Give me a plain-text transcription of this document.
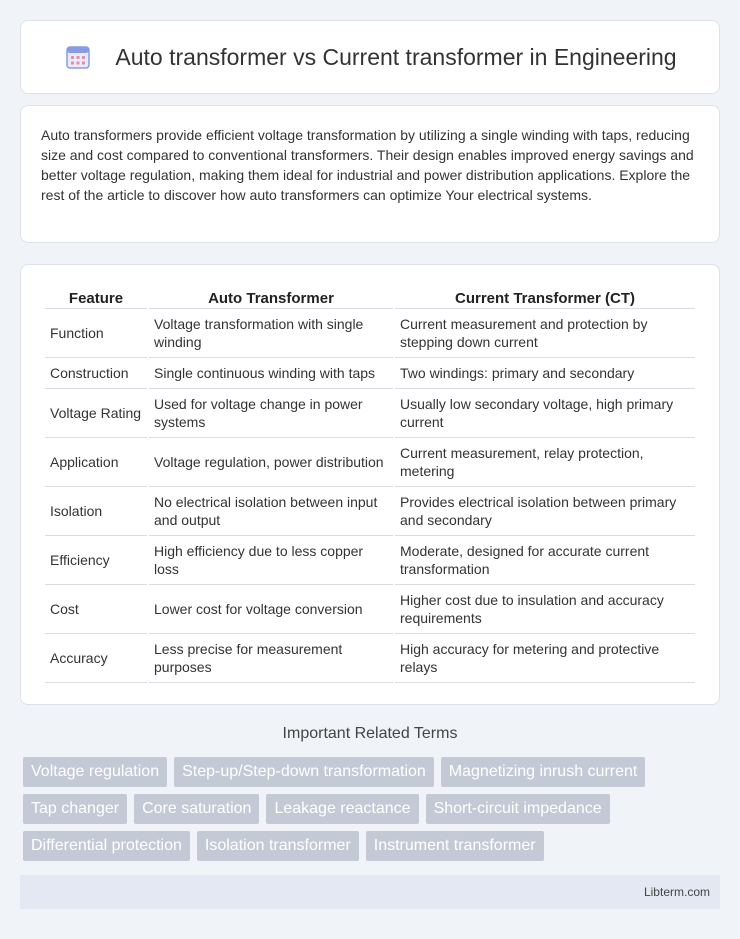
Auto transformer vs Current transformer in Engineering

Auto transformers provide efficient voltage transformation by utilizing a single winding with taps, reducing size and cost compared to conventional transformers. Their design enables improved energy savings and better voltage regulation, making them ideal for industrial and power distribution applications. Explore the rest of the article to discover how auto transformers can optimize Your electrical systems.

Feature	Auto Transformer	Current Transformer (CT)
Function	Voltage transformation with single winding	Current measurement and protection by stepping down current
Construction	Single continuous winding with taps	Two windings: primary and secondary
Voltage Rating	Used for voltage change in power systems	Usually low secondary voltage, high primary current
Application	Voltage regulation, power distribution	Current measurement, relay protection, metering
Isolation	No electrical isolation between input and output	Provides electrical isolation between primary and secondary
Efficiency	High efficiency due to less copper loss	Moderate, designed for accurate current transformation
Cost	Lower cost for voltage conversion	Higher cost due to insulation and accuracy requirements
Accuracy	Less precise for measurement purposes	High accuracy for metering and protective relays
Important Related Terms
Voltage regulation	Step-up/Step-down transformation	Magnetizing inrush current
Tap changer	Core saturation	Leakage reactance	Short-circuit impedance
Differential protection	Isolation transformer	Instrument transformer
Libterm.com
